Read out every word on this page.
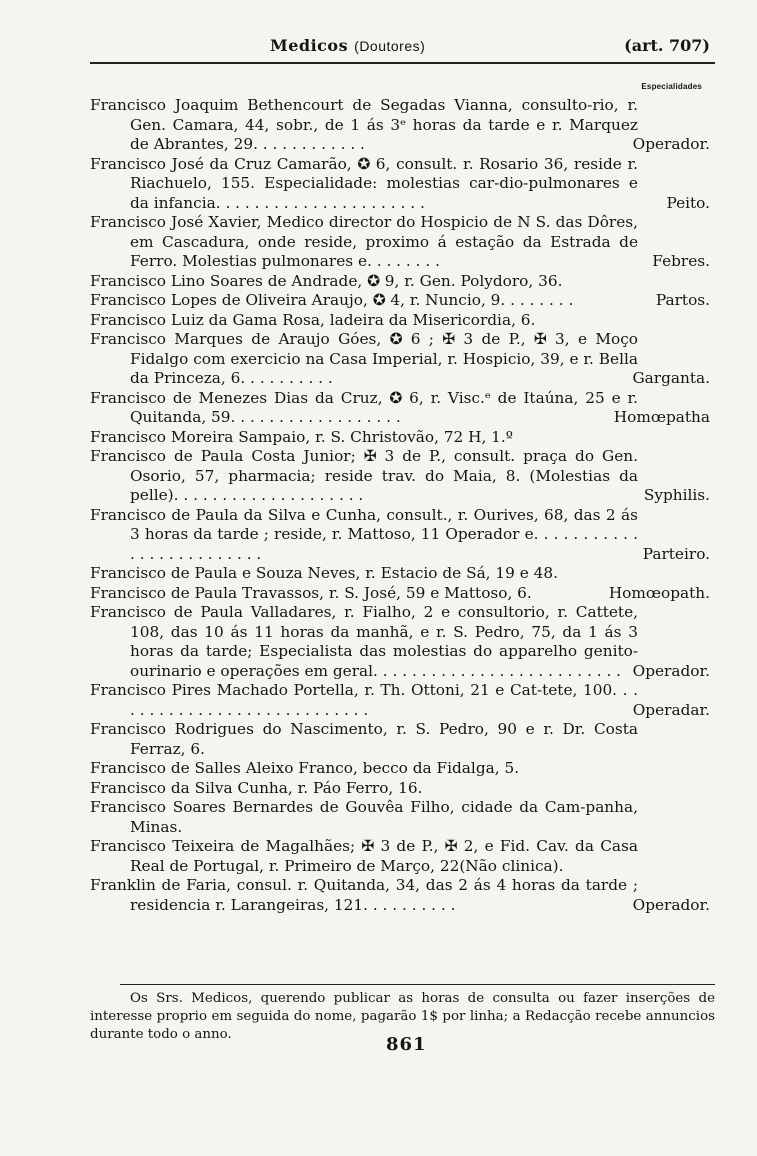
Medicos (Doutores)	(art. 707)
Especialidades
Francisco Joaquim Bethencourt de Segadas Vianna, consulto-rio, r. Gen. Camara, 44, sobr., de 1 ás 3ᵉ horas da tarde e r. Marquez de Abrantes, 29. . . . . . . . . . . .	Operador.
Francisco José da Cruz Camarão, ✪ 6, consult. r. Rosario 36, reside r. Riachuelo, 155. Especialidade: molestias car-dio-pulmonares e da infancia. . . . . . . . . . . . . . . . . . . . . .	Peito.
Francisco José Xavier, Medico director do Hospicio de N S. das Dôres, em Cascadura, onde reside, proximo á estação da Estrada de Ferro. Molestias pulmonares e. . . . . . . .	Febres.
Francisco Lino Soares de Andrade, ✪ 9, r. Gen. Polydoro, 36.
Francisco Lopes de Oliveira Araujo, ✪ 4, r. Nuncio, 9. . . . . . . .	Partos.
Francisco Luiz da Gama Rosa, ladeira da Misericordia, 6.
Francisco Marques de Araujo Góes, ✪ 6 ; ✠ 3 de P., ✠ 3, e Moço Fidalgo com exercicio na Casa Imperial, r. Hospicio, 39, e r. Bella da Princeza, 6. . . . . . . . . .	Garganta.
Francisco de Menezes Dias da Cruz, ✪ 6, r. Visc.ᵉ de Itaúna, 25 e r. Quitanda, 59. . . . . . . . . . . . . . . . . .	Homœpatha
Francisco Moreira Sampaio, r. S. Christovão, 72 H, 1.º
Francisco de Paula Costa Junior; ✠ 3 de P., consult. praça do Gen. Osorio, 57, pharmacia; reside trav. do Maia, 8. (Molestias da pelle). . . . . . . . . . . . . . . . . . . .	Syphilis.
Francisco de Paula da Silva e Cunha, consult., r. Ourives, 68, das 2 ás 3 horas da tarde ; reside, r. Mattoso, 11 Operador e. . . . . . . . . . . . . . . . . . . . . . . . .	Parteiro.
Francisco de Paula e Souza Neves, r. Estacio de Sá, 19 e 48.
Francisco de Paula Travassos, r. S. José, 59 e Mattoso, 6.	Homœopath.
Francisco de Paula Valladares, r. Fialho, 2 e consultorio, r. Cattete, 108, das 10 ás 11 horas da manhã, e r. S. Pedro, 75, da 1 ás 3 horas da tarde; Especialista das molestias do apparelho genito-ourinario e operações em geral. . . . . . . . . . . . . . . . . . . . . . . . . . Operador.
Francisco Pires Machado Portella, r. Th. Ottoni, 21 e Cat-tete, 100. . . . . . . . . . . . . . . . . . . . . . . . . . . .	Operadar.
Francisco Rodrigues do Nascimento, r. S. Pedro, 90 e r. Dr. Costa Ferraz, 6.
Francisco de Salles Aleixo Franco, becco da Fidalga, 5.
Francisco da Silva Cunha, r. Páo Ferro, 16.
Francisco Soares Bernardes de Gouvêa Filho, cidade da Cam-panha, Minas.
Francisco Teixeira de Magalhães; ✠ 3 de P., ✠ 2, e Fid. Cav. da Casa Real de Portugal, r. Primeiro de Março, 22(Não clinica).
Franklin de Faria, consul. r. Quitanda, 34, das 2 ás 4 horas da tarde ; residencia r. Larangeiras, 121. . . . . . . . . .	Operador.
Os Srs. Medicos, querendo publicar as horas de consulta ou fazer inserções de interesse proprio em seguida do nome, pagarão 1$ por linha; a Redacção recebe annuncios durante todo o anno.	861
